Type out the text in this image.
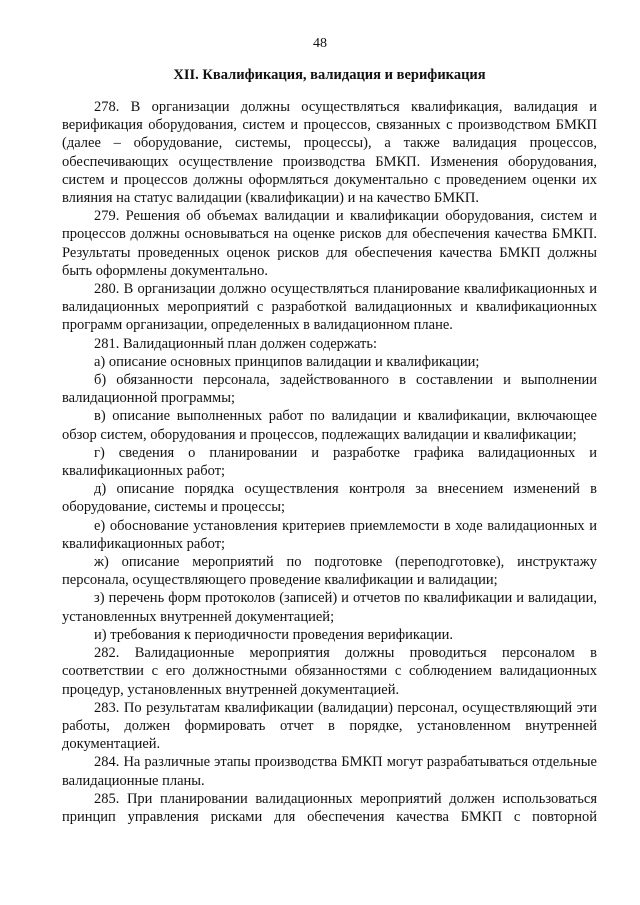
48
XII. Квалификация, валидация и верификация

278. В организации должны осуществляться квалификация, валидация и верификация оборудования, систем и процессов, связанных с производством БМКП (далее – оборудование, системы, процессы), а также валидация процессов, обеспечивающих осуществление производства БМКП. Изменения оборудования, систем и процессов должны оформляться документально с проведением оценки их влияния на статус валидации (квалификации) и на качество БМКП.

279. Решения об объемах валидации и квалификации оборудования, систем и процессов должны основываться на оценке рисков для обеспечения качества БМКП. Результаты проведенных оценок рисков для обеспечения качества БМКП должны быть оформлены документально.

280. В организации должно осуществляться планирование квалификационных и валидационных мероприятий с разработкой валидационных и квалификационных программ организации, определенных в валидационном плане.

281. Валидационный план должен содержать:

а) описание основных принципов валидации и квалификации;

б) обязанности персонала, задействованного в составлении и выполнении валидационной программы;

в) описание выполненных работ по валидации и квалификации, включающее обзор систем, оборудования и процессов, подлежащих валидации и квалификации;

г) сведения о планировании и разработке графика валидационных и квалификационных работ;

д) описание порядка осуществления контроля за внесением изменений в оборудование, системы и процессы;

е) обоснование установления критериев приемлемости в ходе валидационных и квалификационных работ;

ж) описание мероприятий по подготовке (переподготовке), инструктажу персонала, осуществляющего проведение квалификации и валидации;

з) перечень форм протоколов (записей) и отчетов по квалификации и валидации, установленных внутренней документацией;

и) требования к периодичности проведения верификации.

282. Валидационные мероприятия должны проводиться персоналом в соответствии с его должностными обязанностями с соблюдением валидационных процедур, установленных внутренней документацией.

283. По результатам квалификации (валидации) персонал, осуществляющий эти работы, должен формировать отчет в порядке, установленном внутренней документацией.

284. На различные этапы производства БМКП могут разрабатываться отдельные валидационные планы.

285. При планировании валидационных мероприятий должен использоваться принцип управления рисками для обеспечения качества БМКП с повторной
